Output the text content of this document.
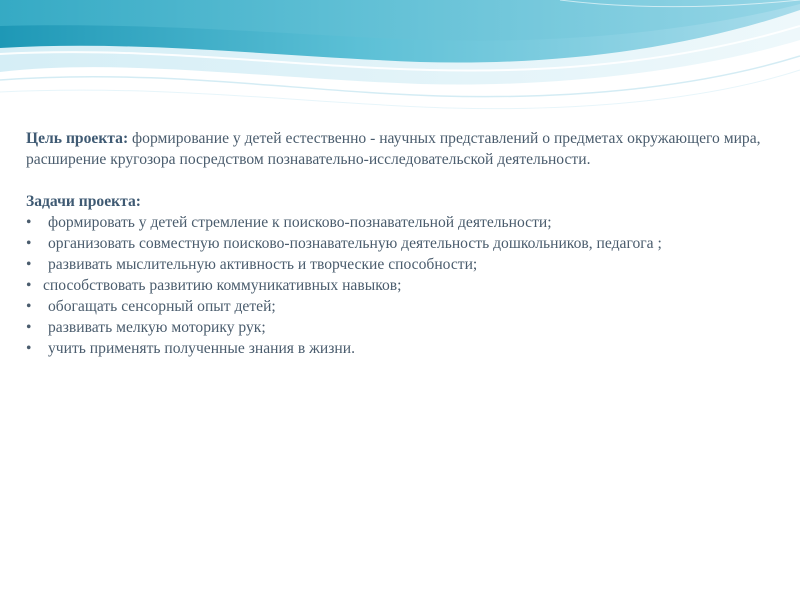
Цель проекта: формирование у детей естественно - научных представлений о предметах окружающего мира, расширение кругозора посредством познавательно-исследовательской деятельности.

Задачи проекта:
• формировать у детей стремление к поисково-познавательной деятельности;
• организовать совместную поисково-познавательную деятельность дошкольников, педагога ;
• развивать мыслительную активность и творческие способности;
• способствовать развитию коммуникативных навыков;
• обогащать сенсорный опыт детей;
• развивать мелкую моторику рук;
• учить применять полученные знания в жизни.
